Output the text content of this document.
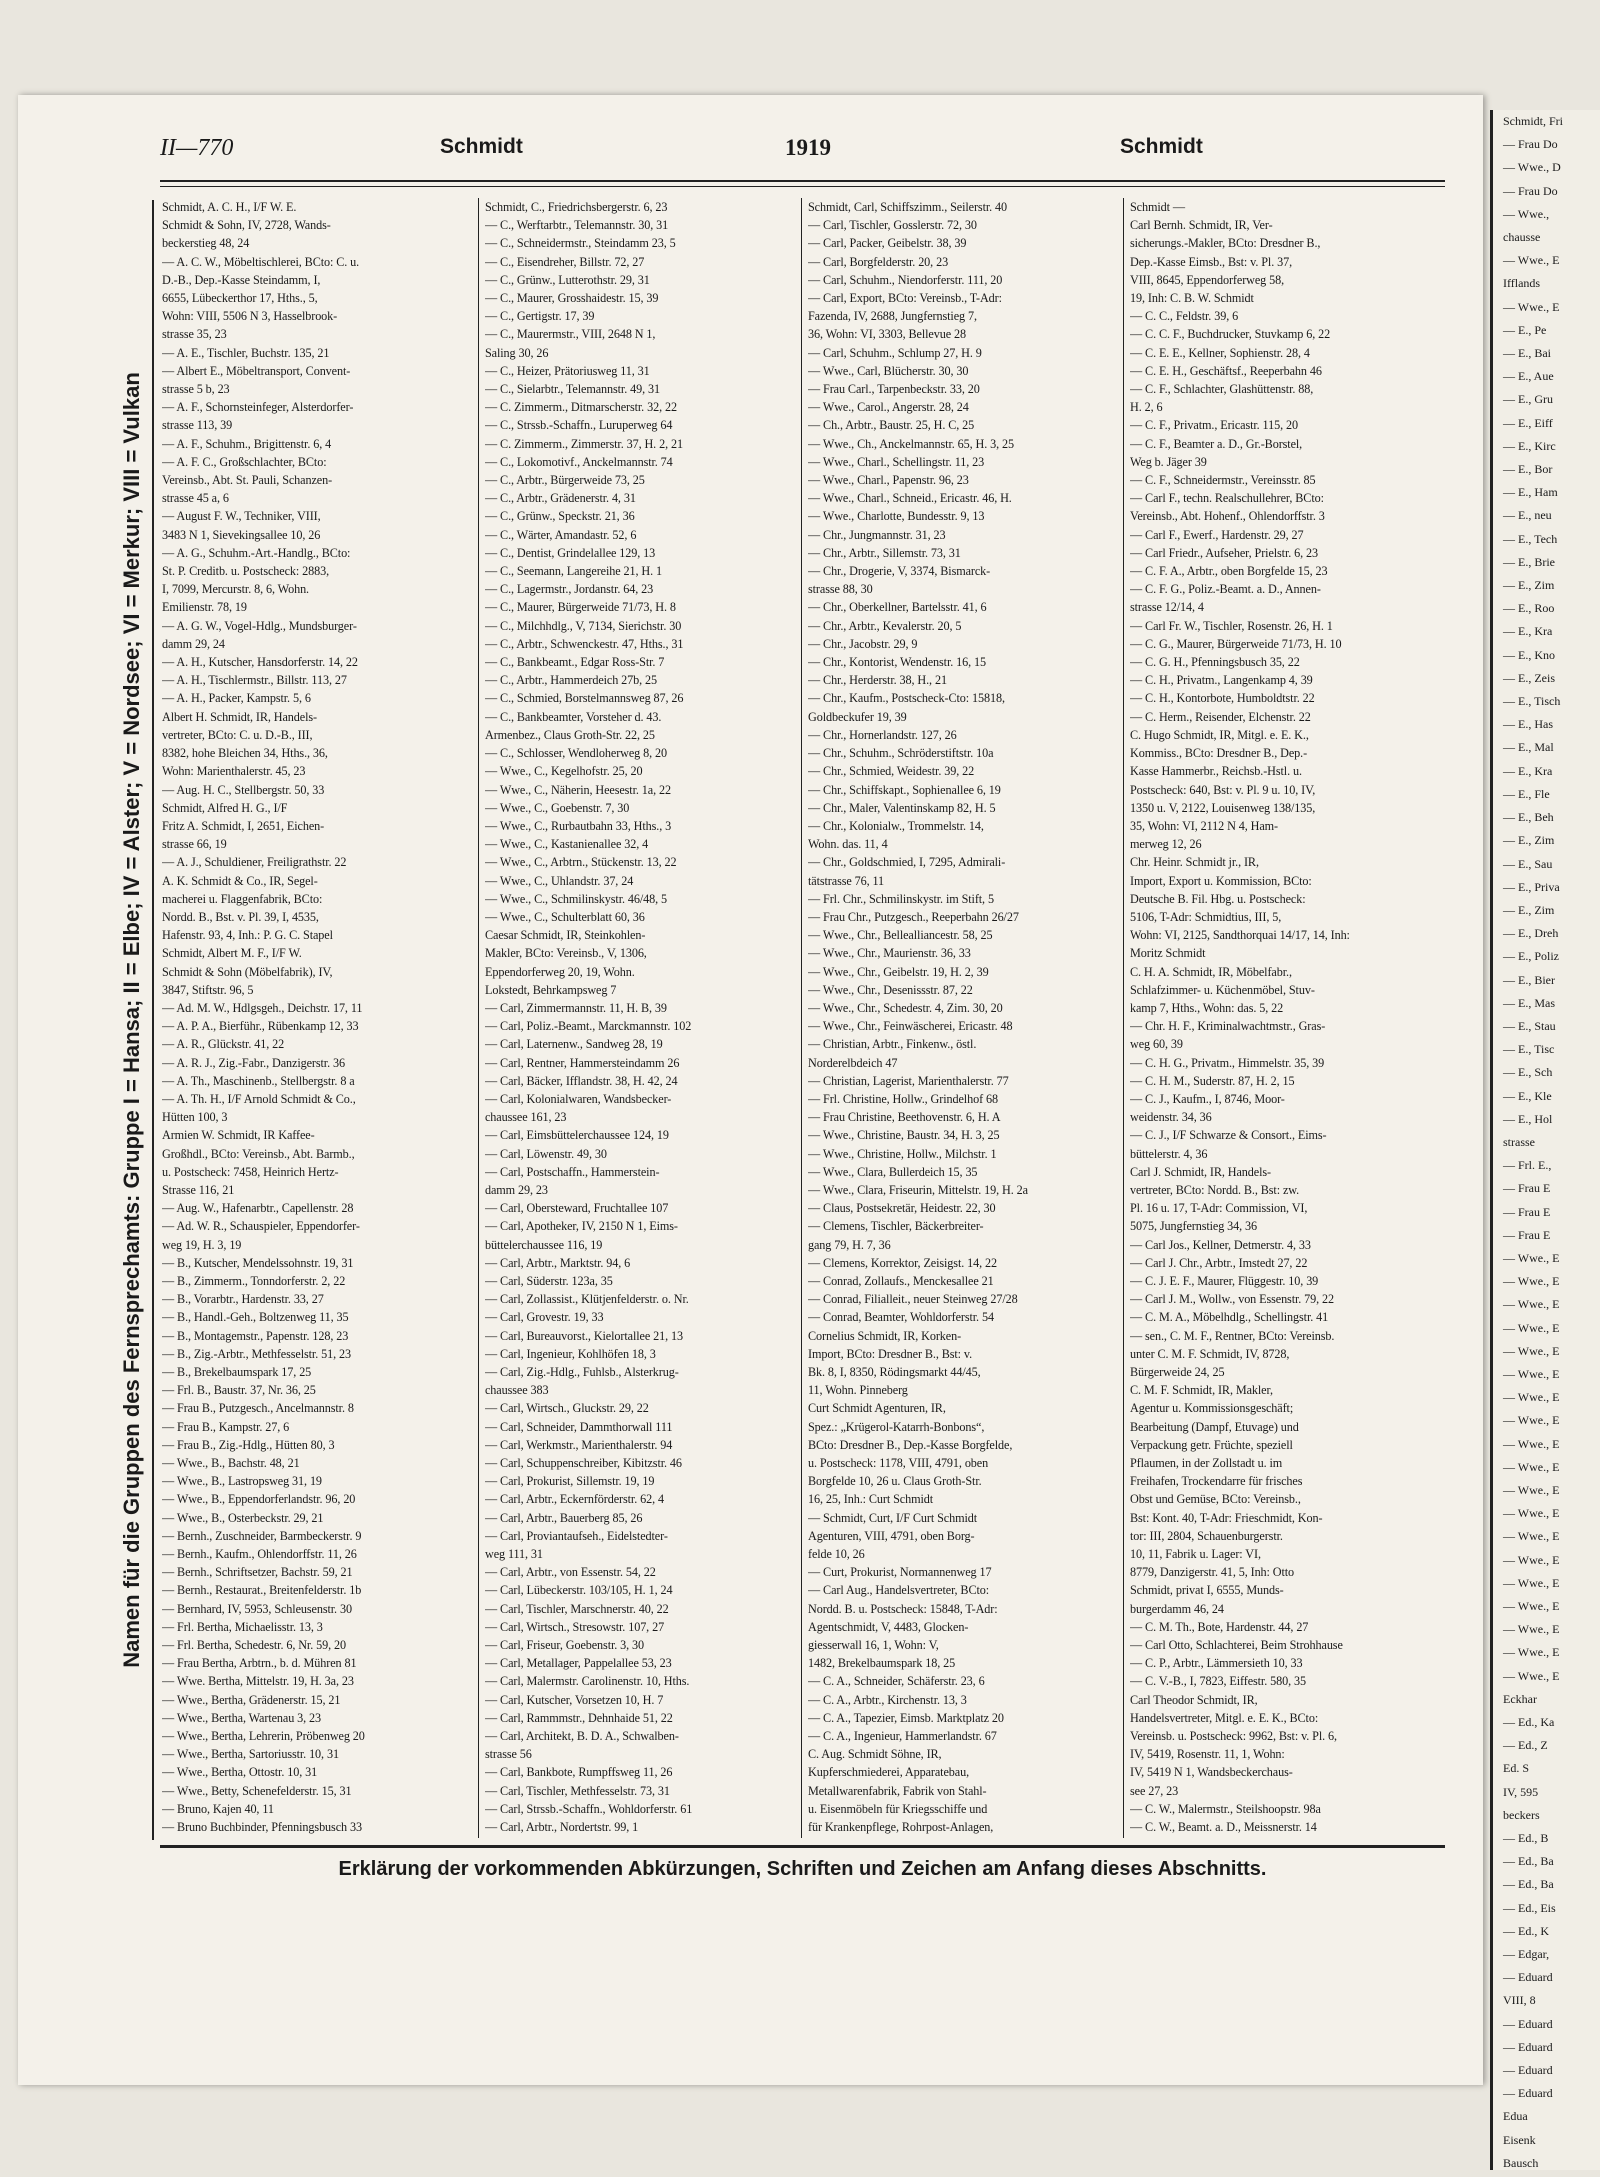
Schmidt, Fri
— Frau Do
— Wwe., D
— Frau Do
— Wwe.,
chausse
— Wwe., E
Ifflands
— Wwe., E
— E., Pe
— E., Bai
— E., Aue
— E., Gru
— E., Eiff
— E., Kirc
— E., Bor
— E., Ham
— E., neu
— E., Tech
— E., Brie
— E., Zim
— E., Roo
— E., Kra
— E., Kno
— E., Zeis
— E., Tisch
— E., Has
— E., Mal
— E., Kra
— E., Fle
— E., Beh
— E., Zim
— E., Sau
— E., Priva
— E., Zim
— E., Dreh
— E., Poliz
— E., Bier
— E., Mas
— E., Stau
— E., Tisc
— E., Sch
— E., Kle
— E., Hol
strasse
— Frl. E.,
— Frau E
— Frau E
— Frau E
— Wwe., E
— Wwe., E
— Wwe., E
— Wwe., E
— Wwe., E
— Wwe., E
— Wwe., E
— Wwe., E
— Wwe., E
— Wwe., E
— Wwe., E
— Wwe., E
— Wwe., E
— Wwe., E
— Wwe., E
— Wwe., E
— Wwe., E
— Wwe., E
— Wwe., E
Eckhar
— Ed., Ka
— Ed., Z
Ed. S
IV, 595
beckers
— Ed., B
— Ed., Ba
— Ed., Ba
— Ed., Eis
— Ed., K
— Edgar,
— Eduard
VIII, 8
— Eduard
— Eduard
— Eduard
— Eduard
Edua
Eisenk
Bausch
II—770	Schmidt	1919	Schmidt
Namen für die Gruppen des Fernsprechamts: Gruppe I = Hansa; II = Elbe; IV = Alster; V = Nordsee; VI = Merkur; VIII = Vulkan
Schmidt, A. C. H., I/F W. E.
Schmidt & Sohn, IV, 2728, Wands-
beckerstieg 48, 24
— A. C. W., Möbeltischlerei, BCto: C. u.
D.-B., Dep.-Kasse Steindamm, I,
6655, Lübeckerthor 17, Hths., 5,
Wohn: VIII, 5506 N 3, Hasselbrook-
strasse 35, 23
— A. E., Tischler, Buchstr. 135, 21
— Albert E., Möbeltransport, Convent-
strasse 5 b, 23
— A. F., Schornsteinfeger, Alsterdorfer-
strasse 113, 39
— A. F., Schuhm., Brigittenstr. 6, 4
— A. F. C., Großschlachter, BCto:
Vereinsb., Abt. St. Pauli, Schanzen-
strasse 45 a, 6
— August F. W., Techniker, VIII,
3483 N 1, Sievekingsallee 10, 26
— A. G., Schuhm.-Art.-Handlg., BCto:
St. P. Creditb. u. Postscheck: 2883,
I, 7099, Mercurstr. 8, 6, Wohn.
Emilienstr. 78, 19
— A. G. W., Vogel-Hdlg., Mundsburger-
damm 29, 24
— A. H., Kutscher, Hansdorferstr. 14, 22
— A. H., Tischlermstr., Billstr. 113, 27
— A. H., Packer, Kampstr. 5, 6
Albert H. Schmidt, IR, Handels-
vertreter, BCto: C. u. D.-B., III,
8382, hohe Bleichen 34, Hths., 36,
Wohn: Marienthalerstr. 45, 23
— Aug. H. C., Stellbergstr. 50, 33
Schmidt, Alfred H. G., I/F
Fritz A. Schmidt, I, 2651, Eichen-
strasse 66, 19
— A. J., Schuldiener, Freiligrathstr. 22
A. K. Schmidt & Co., IR, Segel-
macherei u. Flaggenfabrik, BCto:
Nordd. B., Bst. v. Pl. 39, I, 4535,
Hafenstr. 93, 4, Inh.: P. G. C. Stapel
Schmidt, Albert M. F., I/F W.
Schmidt & Sohn (Möbelfabrik), IV,
3847, Stiftstr. 96, 5
— Ad. M. W., Hdlgsgeh., Deichstr. 17, 11
— A. P. A., Bierführ., Rübenkamp 12, 33
— A. R., Glückstr. 41, 22
— A. R. J., Zig.-Fabr., Danzigerstr. 36
— A. Th., Maschinenb., Stellbergstr. 8 a
— A. Th. H., I/F Arnold Schmidt & Co.,
Hütten 100, 3
Armien W. Schmidt, IR Kaffee-
Großhdl., BCto: Vereinsb., Abt. Barmb.,
u. Postscheck: 7458, Heinrich Hertz-
Strasse 116, 21
— Aug. W., Hafenarbtr., Capellenstr. 28
— Ad. W. R., Schauspieler, Eppendorfer-
weg 19, H. 3, 19
— B., Kutscher, Mendelssohnstr. 19, 31
— B., Zimmerm., Tonndorferstr. 2, 22
— B., Vorarbtr., Hardenstr. 33, 27
— B., Handl.-Geh., Boltzenweg 11, 35
— B., Montagemstr., Papenstr. 128, 23
— B., Zig.-Arbtr., Methfesselstr. 51, 23
— B., Brekelbaumspark 17, 25
— Frl. B., Baustr. 37, Nr. 36, 25
— Frau B., Putzgesch., Ancelmannstr. 8
— Frau B., Kampstr. 27, 6
— Frau B., Zig.-Hdlg., Hütten 80, 3
— Wwe., B., Bachstr. 48, 21
— Wwe., B., Lastropsweg 31, 19
— Wwe., B., Eppendorferlandstr. 96, 20
— Wwe., B., Osterbeckstr. 29, 21
— Bernh., Zuschneider, Barmbeckerstr. 9
— Bernh., Kaufm., Ohlendorffstr. 11, 26
— Bernh., Schriftsetzer, Bachstr. 59, 21
— Bernh., Restaurat., Breitenfelderstr. 1b
— Bernhard, IV, 5953, Schleusenstr. 30
— Frl. Bertha, Michaelisstr. 13, 3
— Frl. Bertha, Schedestr. 6, Nr. 59, 20
— Frau Bertha, Arbtrn., b. d. Mühren 81
— Wwe. Bertha, Mittelstr. 19, H. 3a, 23
— Wwe., Bertha, Grädenerstr. 15, 21
— Wwe., Bertha, Wartenau 3, 23
— Wwe., Bertha, Lehrerin, Pröbenweg 20
— Wwe., Bertha, Sartoriusstr. 10, 31
— Wwe., Bertha, Ottostr. 10, 31
— Wwe., Betty, Schenefelderstr. 15, 31
— Bruno, Kajen 40, 11
— Bruno Buchbinder, Pfenningsbusch 33
Schmidt, C., Friedrichsbergerstr. 6, 23
— C., Werftarbtr., Telemannstr. 30, 31
— C., Schneidermstr., Steindamm 23, 5
— C., Eisendreher, Billstr. 72, 27
— C., Grünw., Lutterothstr. 29, 31
— C., Maurer, Grosshaidestr. 15, 39
— C., Gertigstr. 17, 39
— C., Maurermstr., VIII, 2648 N 1,
Saling 30, 26
— C., Heizer, Prätoriusweg 11, 31
— C., Sielarbtr., Telemannstr. 49, 31
— C. Zimmerm., Ditmarscherstr. 32, 22
— C., Strssb.-Schaffn., Luruperweg 64
— C. Zimmerm., Zimmerstr. 37, H. 2, 21
— C., Lokomotivf., Anckelmannstr. 74
— C., Arbtr., Bürgerweide 73, 25
— C., Arbtr., Grädenerstr. 4, 31
— C., Grünw., Speckstr. 21, 36
— C., Wärter, Amandastr. 52, 6
— C., Dentist, Grindelallee 129, 13
— C., Seemann, Langereihe 21, H. 1
— C., Lagermstr., Jordanstr. 64, 23
— C., Maurer, Bürgerweide 71/73, H. 8
— C., Milchhdlg., V, 7134, Sierichstr. 30
— C., Arbtr., Schwenckestr. 47, Hths., 31
— C., Bankbeamt., Edgar Ross-Str. 7
— C., Arbtr., Hammerdeich 27b, 25
— C., Schmied, Borstelmannsweg 87, 26
— C., Bankbeamter, Vorsteher d. 43.
Armenbez., Claus Groth-Str. 22, 25
— C., Schlosser, Wendloherweg 8, 20
— Wwe., C., Kegelhofstr. 25, 20
— Wwe., C., Näherin, Heesestr. 1a, 22
— Wwe., C., Goebenstr. 7, 30
— Wwe., C., Rurbautbahn 33, Hths., 3
— Wwe., C., Kastanienallee 32, 4
— Wwe., C., Arbtrn., Stückenstr. 13, 22
— Wwe., C., Uhlandstr. 37, 24
— Wwe., C., Schmilinskystr. 46/48, 5
— Wwe., C., Schulterblatt 60, 36
Caesar Schmidt, IR, Steinkohlen-
Makler, BCto: Vereinsb., V, 1306,
Eppendorferweg 20, 19, Wohn.
Lokstedt, Behrkampsweg 7
— Carl, Zimmermannstr. 11, H. B, 39
— Carl, Poliz.-Beamt., Marckmannstr. 102
— Carl, Laternenw., Sandweg 28, 19
— Carl, Rentner, Hammersteindamm 26
— Carl, Bäcker, Ifflandstr. 38, H. 42, 24
— Carl, Kolonialwaren, Wandsbecker-
chaussee 161, 23
— Carl, Eimsbüttelerchaussee 124, 19
— Carl, Löwenstr. 49, 30
— Carl, Postschaffn., Hammerstein-
damm 29, 23
— Carl, Obersteward, Fruchtallee 107
— Carl, Apotheker, IV, 2150 N 1, Eims-
büttelerchaussee 116, 19
— Carl, Arbtr., Marktstr. 94, 6
— Carl, Süderstr. 123a, 35
— Carl, Zollassist., Klütjenfelderstr. o. Nr.
— Carl, Grovestr. 19, 33
— Carl, Bureauvorst., Kielortallee 21, 13
— Carl, Ingenieur, Kohlhöfen 18, 3
— Carl, Zig.-Hdlg., Fuhlsb., Alsterkrug-
chaussee 383
— Carl, Wirtsch., Gluckstr. 29, 22
— Carl, Schneider, Dammthorwall 111
— Carl, Werkmstr., Marienthalerstr. 94
— Carl, Schuppenschreiber, Kibitzstr. 46
— Carl, Prokurist, Sillemstr. 19, 19
— Carl, Arbtr., Eckernförderstr. 62, 4
— Carl, Arbtr., Bauerberg 85, 26
— Carl, Proviantaufseh., Eidelstedter-
weg 111, 31
— Carl, Arbtr., von Essenstr. 54, 22
— Carl, Lübeckerstr. 103/105, H. 1, 24
— Carl, Tischler, Marschnerstr. 40, 22
— Carl, Wirtsch., Stresowstr. 107, 27
— Carl, Friseur, Goebenstr. 3, 30
— Carl, Metallager, Pappelallee 53, 23
— Carl, Malermstr. Carolinenstr. 10, Hths.
— Carl, Kutscher, Vorsetzen 10, H. 7
— Carl, Rammmstr., Dehnhaide 51, 22
— Carl, Architekt, B. D. A., Schwalben-
strasse 56
— Carl, Bankbote, Rumpffsweg 11, 26
— Carl, Tischler, Methfesselstr. 73, 31
— Carl, Strssb.-Schaffn., Wohldorferstr. 61
— Carl, Arbtr., Nordertstr. 99, 1
Schmidt, Carl, Schiffszimm., Seilerstr. 40
— Carl, Tischler, Gosslerstr. 72, 30
— Carl, Packer, Geibelstr. 38, 39
— Carl, Borgfelderstr. 20, 23
— Carl, Schuhm., Niendorferstr. 111, 20
— Carl, Export, BCto: Vereinsb., T-Adr:
Fazenda, IV, 2688, Jungfernstieg 7,
36, Wohn: VI, 3303, Bellevue 28
— Carl, Schuhm., Schlump 27, H. 9
— Wwe., Carl, Blücherstr. 30, 30
— Frau Carl., Tarpenbeckstr. 33, 20
— Wwe., Carol., Angerstr. 28, 24
— Ch., Arbtr., Baustr. 25, H. C, 25
— Wwe., Ch., Anckelmannstr. 65, H. 3, 25
— Wwe., Charl., Schellingstr. 11, 23
— Wwe., Charl., Papenstr. 96, 23
— Wwe., Charl., Schneid., Ericastr. 46, H.
— Wwe., Charlotte, Bundesstr. 9, 13
— Chr., Jungmannstr. 31, 23
— Chr., Arbtr., Sillemstr. 73, 31
— Chr., Drogerie, V, 3374, Bismarck-
strasse 88, 30
— Chr., Oberkellner, Bartelsstr. 41, 6
— Chr., Arbtr., Kevalerstr. 20, 5
— Chr., Jacobstr. 29, 9
— Chr., Kontorist, Wendenstr. 16, 15
— Chr., Herderstr. 38, H., 21
— Chr., Kaufm., Postscheck-Cto: 15818,
Goldbeckufer 19, 39
— Chr., Hornerlandstr. 127, 26
— Chr., Schuhm., Schröderstiftstr. 10a
— Chr., Schmied, Weidestr. 39, 22
— Chr., Schiffskapt., Sophienallee 6, 19
— Chr., Maler, Valentinskamp 82, H. 5
— Chr., Kolonialw., Trommelstr. 14,
Wohn. das. 11, 4
— Chr., Goldschmied, I, 7295, Admirali-
tätstrasse 76, 11
— Frl. Chr., Schmilinskystr. im Stift, 5
— Frau Chr., Putzgesch., Reeperbahn 26/27
— Wwe., Chr., Bellealliancestr. 58, 25
— Wwe., Chr., Maurienstr. 36, 33
— Wwe., Chr., Geibelstr. 19, H. 2, 39
— Wwe., Chr., Desenissstr. 87, 22
— Wwe., Chr., Schedestr. 4, Zim. 30, 20
— Wwe., Chr., Feinwäscherei, Ericastr. 48
— Christian, Arbtr., Finkenw., östl.
Norderelbdeich 47
— Christian, Lagerist, Marienthalerstr. 77
— Frl. Christine, Hollw., Grindelhof 68
— Frau Christine, Beethovenstr. 6, H. A
— Wwe., Christine, Baustr. 34, H. 3, 25
— Wwe., Christine, Hollw., Milchstr. 1
— Wwe., Clara, Bullerdeich 15, 35
— Wwe., Clara, Friseurin, Mittelstr. 19, H. 2a
— Claus, Postsekretär, Heidestr. 22, 30
— Clemens, Tischler, Bäckerbreiter-
gang 79, H. 7, 36
— Clemens, Korrektor, Zeisigst. 14, 22
— Conrad, Zollaufs., Menckesallee 21
— Conrad, Filialleit., neuer Steinweg 27/28
— Conrad, Beamter, Wohldorferstr. 54
Cornelius Schmidt, IR, Korken-
Import, BCto: Dresdner B., Bst: v.
Bk. 8, I, 8350, Rödingsmarkt 44/45,
11, Wohn. Pinneberg
Curt Schmidt Agenturen, IR,
Spez.: „Krügerol-Katarrh-Bonbons“,
BCto: Dresdner B., Dep.-Kasse Borgfelde,
u. Postscheck: 1178, VIII, 4791, oben
Borgfelde 10, 26 u. Claus Groth-Str.
16, 25, Inh.: Curt Schmidt
— Schmidt, Curt, I/F Curt Schmidt
Agenturen, VIII, 4791, oben Borg-
felde 10, 26
— Curt, Prokurist, Normannenweg 17
— Carl Aug., Handelsvertreter, BCto:
Nordd. B. u. Postscheck: 15848, T-Adr:
Agentschmidt, V, 4483, Glocken-
giesserwall 16, 1, Wohn: V,
1482, Brekelbaumspark 18, 25
— C. A., Schneider, Schäferstr. 23, 6
— C. A., Arbtr., Kirchenstr. 13, 3
— C. A., Tapezier, Eimsb. Marktplatz 20
— C. A., Ingenieur, Hammerlandstr. 67
C. Aug. Schmidt Söhne, IR,
Kupferschmiederei, Apparatebau,
Metallwarenfabrik, Fabrik von Stahl-
u. Eisenmöbeln für Kriegsschiffe und
für Krankenpflege, Rohrpost-Anlagen,
Schmidt —
Carl Bernh. Schmidt, IR, Ver-
sicherungs.-Makler, BCto: Dresdner B.,
Dep.-Kasse Eimsb., Bst: v. Pl. 37,
VIII, 8645, Eppendorferweg 58,
19, Inh: C. B. W. Schmidt
— C. C., Feldstr. 39, 6
— C. C. F., Buchdrucker, Stuvkamp 6, 22
— C. E. E., Kellner, Sophienstr. 28, 4
— C. E. H., Geschäftsf., Reeperbahn 46
— C. F., Schlachter, Glashüttenstr. 88,
H. 2, 6
— C. F., Privatm., Ericastr. 115, 20
— C. F., Beamter a. D., Gr.-Borstel,
Weg b. Jäger 39
— C. F., Schneidermstr., Vereinsstr. 85
— Carl F., techn. Realschullehrer, BCto:
Vereinsb., Abt. Hohenf., Ohlendorffstr. 3
— Carl F., Ewerf., Hardenstr. 29, 27
— Carl Friedr., Aufseher, Prielstr. 6, 23
— C. F. A., Arbtr., oben Borgfelde 15, 23
— C. F. G., Poliz.-Beamt. a. D., Annen-
strasse 12/14, 4
— Carl Fr. W., Tischler, Rosenstr. 26, H. 1
— C. G., Maurer, Bürgerweide 71/73, H. 10
— C. G. H., Pfenningsbusch 35, 22
— C. H., Privatm., Langenkamp 4, 39
— C. H., Kontorbote, Humboldtstr. 22
— C. Herm., Reisender, Elchenstr. 22
C. Hugo Schmidt, IR, Mitgl. e. E. K.,
Kommiss., BCto: Dresdner B., Dep.-
Kasse Hammerbr., Reichsb.-Hstl. u.
Postscheck: 640, Bst: v. Pl. 9 u. 10, IV,
1350 u. V, 2122, Louisenweg 138/135,
35, Wohn: VI, 2112 N 4, Ham-
merweg 12, 26
Chr. Heinr. Schmidt jr., IR,
Import, Export u. Kommission, BCto:
Deutsche B. Fil. Hbg. u. Postscheck:
5106, T-Adr: Schmidtius, III, 5,
Wohn: VI, 2125, Sandthorquai 14/17, 14, Inh:
Moritz Schmidt
C. H. A. Schmidt, IR, Möbelfabr.,
Schlafzimmer- u. Küchenmöbel, Stuv-
kamp 7, Hths., Wohn: das. 5, 22
— Chr. H. F., Kriminalwachtmstr., Gras-
weg 60, 39
— C. H. G., Privatm., Himmelstr. 35, 39
— C. H. M., Suderstr. 87, H. 2, 15
— C. J., Kaufm., I, 8746, Moor-
weidenstr. 34, 36
— C. J., I/F Schwarze & Consort., Eims-
büttelerstr. 4, 36
Carl J. Schmidt, IR, Handels-
vertreter, BCto: Nordd. B., Bst: zw.
Pl. 16 u. 17, T-Adr: Commission, VI,
5075, Jungfernstieg 34, 36
— Carl Jos., Kellner, Detmerstr. 4, 33
— Carl J. Chr., Arbtr., Imstedt 27, 22
— C. J. E. F., Maurer, Flüggestr. 10, 39
— Carl J. M., Wollw., von Essenstr. 79, 22
— C. M. A., Möbelhdlg., Schellingstr. 41
— sen., C. M. F., Rentner, BCto: Vereinsb.
unter C. M. F. Schmidt, IV, 8728,
Bürgerweide 24, 25
C. M. F. Schmidt, IR, Makler,
Agentur u. Kommissionsgeschäft;
Bearbeitung (Dampf, Etuvage) und
Verpackung getr. Früchte, speziell
Pflaumen, in der Zollstadt u. im
Freihafen, Trockendarre für frisches
Obst und Gemüse, BCto: Vereinsb.,
Bst: Kont. 40, T-Adr: Frieschmidt, Kon-
tor: III, 2804, Schauenburgerstr.
10, 11, Fabrik u. Lager: VI,
8779, Danzigerstr. 41, 5, Inh: Otto
Schmidt, privat I, 6555, Munds-
burgerdamm 46, 24
— C. M. Th., Bote, Hardenstr. 44, 27
— Carl Otto, Schlachterei, Beim Strohhause
— C. P., Arbtr., Lämmersieth 10, 33
— C. V.-B., I, 7823, Eiffestr. 580, 35
Carl Theodor Schmidt, IR,
Handelsvertreter, Mitgl. e. E. K., BCto:
Vereinsb. u. Postscheck: 9962, Bst: v. Pl. 6,
IV, 5419, Rosenstr. 11, 1, Wohn:
IV, 5419 N 1, Wandsbeckerchaus-
see 27, 23
— C. W., Malermstr., Steilshoopstr. 98a
— C. W., Beamt. a. D., Meissnerstr. 14
Erklärung der vorkommenden Abkürzungen, Schriften und Zeichen am Anfang dieses Abschnitts.
